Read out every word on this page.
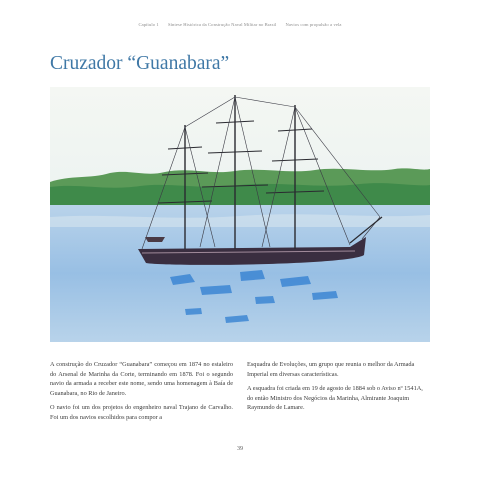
Capítulo 1 Síntese Histórica da Construção Naval Militar no Brasil Navios com propulsão a vela
Cruzador “Guanabara”

A construção do Cruzador “Guanabara” começou em 1874 no estaleiro do Arsenal de Marinha da Corte, terminando em 1878. Foi o segundo navio da armada a receber este nome, sendo uma homenagem à Baía de Guanabara, no Rio de Janeiro.

O navio foi um dos projetos do engenheiro naval Trajano de Carvalho. Foi um dos navios escolhidos para compor a

Esquadra de Evoluções, um grupo que reunia o melhor da Armada Imperial em diversas características.

A esquadra foi criada em 19 de agosto de 1884 sob o Aviso nº 1541A, do então Ministro dos Negócios da Marinha, Almirante Joaquim Raymundo de Lamare.

39
